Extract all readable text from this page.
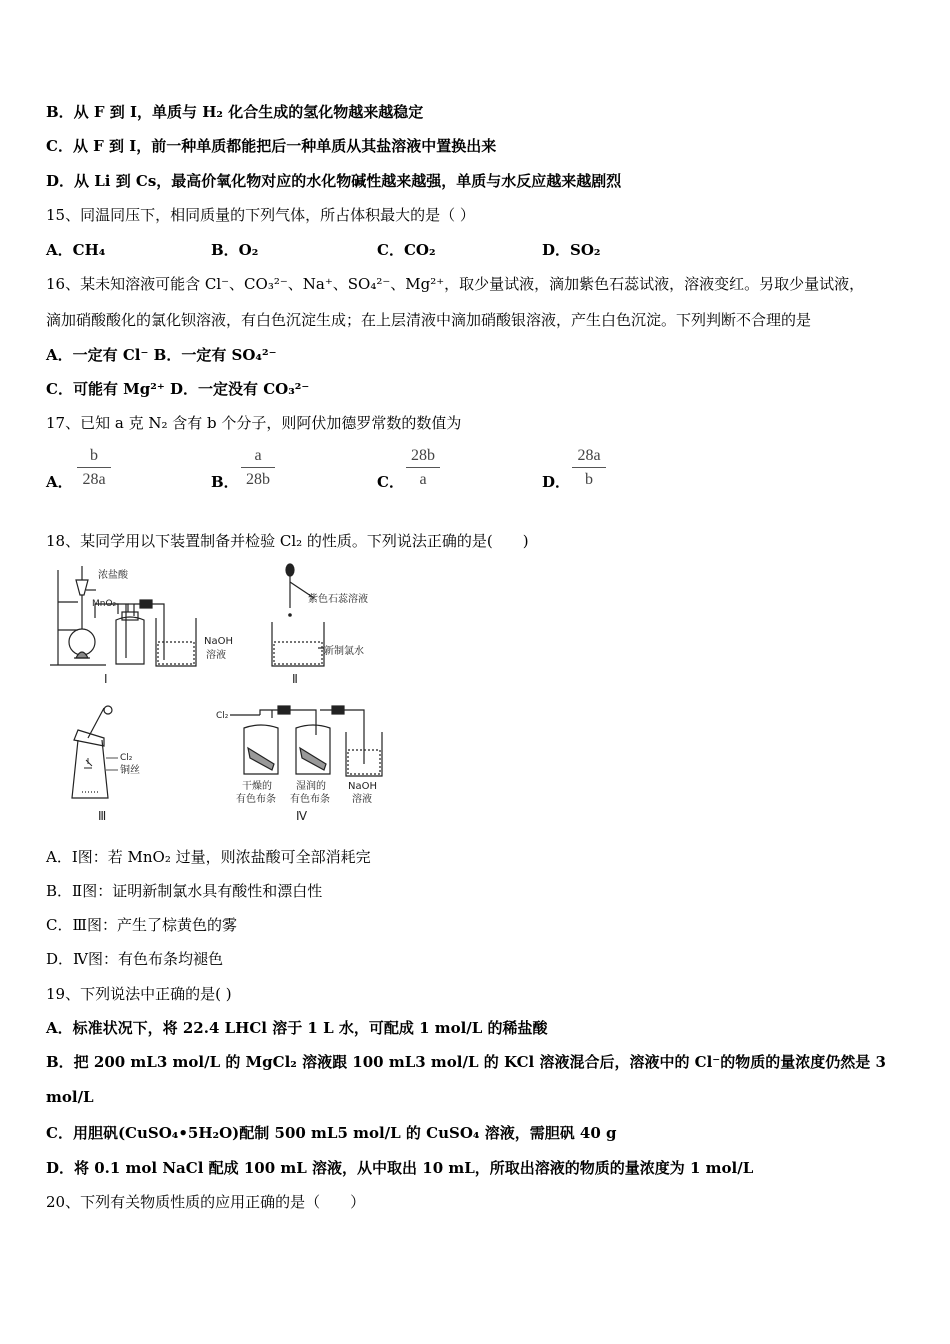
B．从 F 到 I，单质与 H₂ 化合生成的氢化物越来越稳定
C．从 F 到 I，前一种单质都能把后一种单质从其盐溶液中置换出来
D．从 Li 到 Cs，最高价氧化物对应的水化物碱性越来越强，单质与水反应越来越剧烈
15、同温同压下，相同质量的下列气体，所占体积最大的是（ ）
A．CH₄	B．O₂	C．CO₂	D．SO₂
16、某未知溶液可能含 Cl⁻、CO₃²⁻、Na⁺、SO₄²⁻、Mg²⁺，取少量试液，滴加紫色石蕊试液，溶液变红。另取少量试液，
滴加硝酸酸化的氯化钡溶液，有白色沉淀生成；在上层清液中滴加硝酸银溶液，产生白色沉淀。下列判断不合理的是
A．一定有 Cl⁻ B．一定有 SO₄²⁻
C．可能有 Mg²⁺ D．一定没有 CO₃²⁻
17、已知 a 克 N₂ 含有 b 个分子，则阿伏加德罗常数的数值为
A． $\frac{b}{28a}$	B． $\frac{a}{28b}$	C． $\frac{28b}{a}$	D． $\frac{28a}{b}$
18、某同学用以下装置制备并检验 Cl₂ 的性质。下列说法正确的是(　　)
浓盐酸
MnO₂
NaOH
溶液
Ⅰ
紫色石蕊溶液
新制氯水
Ⅱ
Cl₂
铜丝
Ⅲ
Cl₂
干燥的
有色布条
湿润的
有色布条
NaOH
溶液
Ⅳ
A．Ⅰ图：若 MnO₂ 过量，则浓盐酸可全部消耗完
B．Ⅱ图：证明新制氯水具有酸性和漂白性
C．Ⅲ图：产生了棕黄色的雾
D．Ⅳ图：有色布条均褪色
19、下列说法中正确的是( )
A．标准状况下，将 22.4 LHCl 溶于 1 L 水，可配成 1 mol/L 的稀盐酸
B．把 200 mL3 mol/L 的 MgCl₂ 溶液跟 100 mL3 mol/L 的 KCl 溶液混合后，溶液中的 Cl⁻的物质的量浓度仍然是 3
mol/L
C．用胆矾(CuSO₄•5H₂O)配制 500 mL5 mol/L 的 CuSO₄ 溶液，需胆矾 40 g
D．将 0.1 mol NaCl 配成 100 mL 溶液，从中取出 10 mL，所取出溶液的物质的量浓度为 1 mol/L
20、下列有关物质性质的应用正确的是（　　）
